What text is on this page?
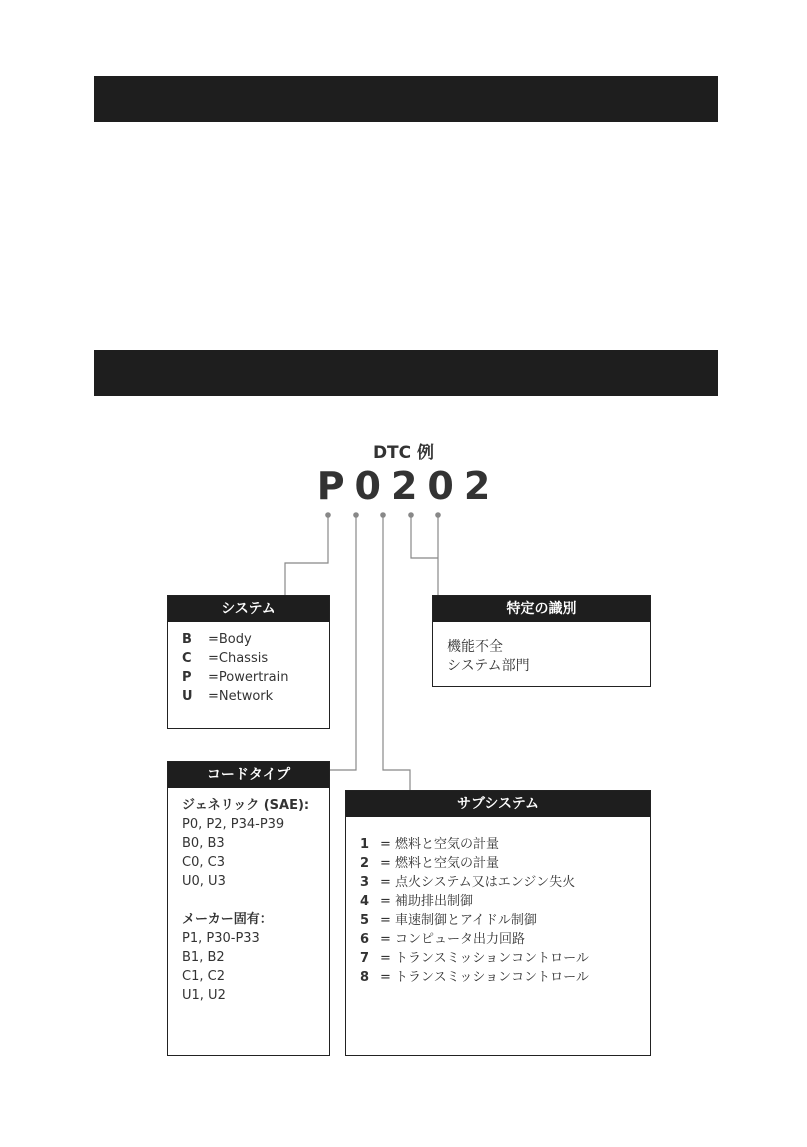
DTC 例
P0202
システム
B	=Body
C	=Chassis
P	=Powertrain
U	=Network
特定の識別
機能不全
システム部門
コードタイプ
ジェネリック (SAE):
P0, P2, P34-P39
B0, B3
C0, C3
U0, U3
メーカー固有：
P1, P30-P33
B1, B2
C1, C2
U1, U2
サブシステム
1 = 燃料と空気の計量
2 = 燃料と空気の計量
3 = 点火システム又はエンジン失火
4 = 補助排出制御
5 = 車速制御とアイドル制御
6 = コンピュータ出力回路
7 = トランスミッションコントロール
8 = トランスミッションコントロール
